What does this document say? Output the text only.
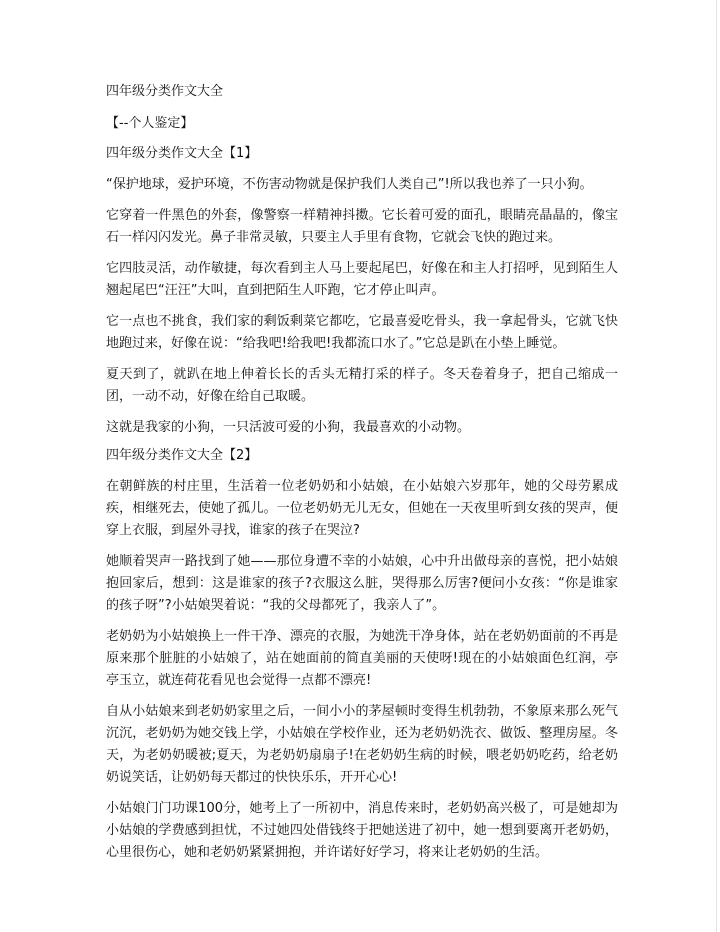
四年级分类作文大全

【--个人鉴定】

四年级分类作文大全【1】

“保护地球，爱护环境，不伤害动物就是保护我们人类自己”!所以我也养了一只小狗。

它穿着一件黑色的外套，像警察一样精神抖擞。它长着可爱的面孔，眼睛亮晶晶的，像宝石一样闪闪发光。鼻子非常灵敏，只要主人手里有食物，它就会飞快的跑过来。

它四肢灵活，动作敏捷，每次看到主人马上要起尾巴，好像在和主人打招呼，见到陌生人翘起尾巴“汪汪”大叫，直到把陌生人吓跑，它才停止叫声。

它一点也不挑食，我们家的剩饭剩菜它都吃，它最喜爱吃骨头，我一拿起骨头，它就飞快地跑过来，好像在说：“给我吧!给我吧!我都流口水了。”它总是趴在小垫上睡觉。

夏天到了，就趴在地上伸着长长的舌头无精打采的样子。冬天卷着身子，把自己缩成一团，一动不动，好像在给自己取暖。

这就是我家的小狗，一只活波可爱的小狗，我最喜欢的小动物。

四年级分类作文大全【2】

在朝鲜族的村庄里，生活着一位老奶奶和小姑娘，在小姑娘六岁那年，她的父母劳累成疾，相继死去，使她了孤儿。一位老奶奶无儿无女，但她在一天夜里听到女孩的哭声，便穿上衣服，到屋外寻找，谁家的孩子在哭泣?

她顺着哭声一路找到了她——那位身遭不幸的小姑娘，心中升出做母亲的喜悦，把小姑娘抱回家后，想到：这是谁家的孩子?衣服这么脏，哭得那么厉害?便问小女孩：“你是谁家的孩子呀”?小姑娘哭着说：“我的父母都死了，我亲人了”。

老奶奶为小姑娘换上一件干净、漂亮的衣服，为她洗干净身体，站在老奶奶面前的不再是原来那个脏脏的小姑娘了，站在她面前的简直美丽的天使呀!现在的小姑娘面色红润，亭亭玉立，就连荷花看见也会觉得一点都不漂亮!

自从小姑娘来到老奶奶家里之后，一间小小的茅屋顿时变得生机勃勃，不象原来那么死气沉沉，老奶奶为她交钱上学，小姑娘在学校作业，还为老奶奶洗衣、做饭、整理房屋。冬天，为老奶奶暖被;夏天，为老奶奶扇扇子!在老奶奶生病的时候，喂老奶奶吃药，给老奶奶说笑话，让奶奶每天都过的快快乐乐，开开心心!

小姑娘门门功课100分，她考上了一所初中，消息传来时，老奶奶高兴极了，可是她却为小姑娘的学费感到担忧，不过她四处借钱终于把她送进了初中，她一想到要离开老奶奶，心里很伤心，她和老奶奶紧紧拥抱，并许诺好好学习，将来让老奶奶的生活。
